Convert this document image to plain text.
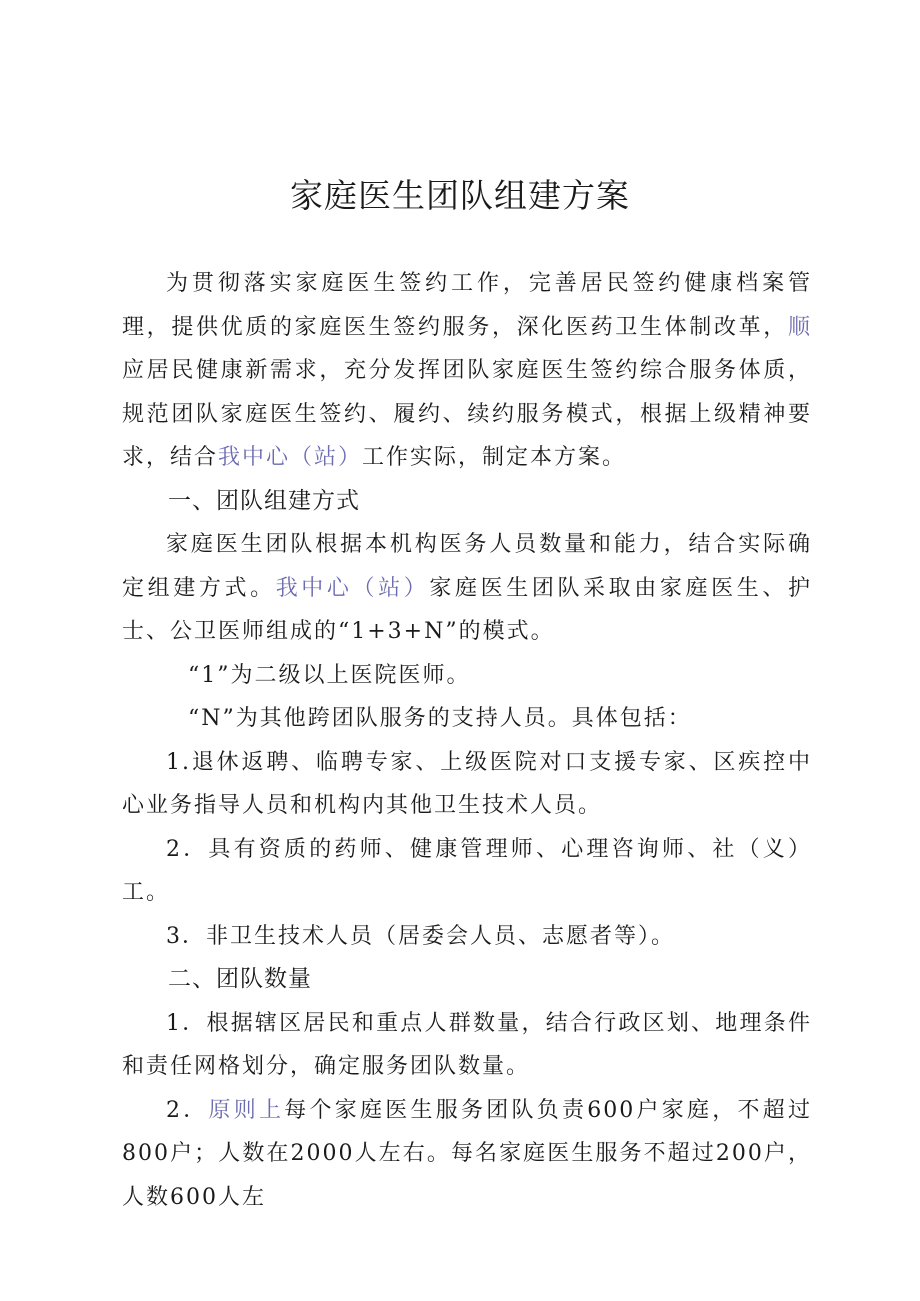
家庭医生团队组建方案

为贯彻落实家庭医生签约工作，完善居民签约健康档案管理，提供优质的家庭医生签约服务，深化医药卫生体制改革，顺应居民健康新需求，充分发挥团队家庭医生签约综合服务体质，规范团队家庭医生签约、履约、续约服务模式，根据上级精神要求，结合我中心（站）工作实际，制定本方案。

一、团队组建方式

家庭医生团队根据本机构医务人员数量和能力，结合实际确定组建方式。我中心（站）家庭医生团队采取由家庭医生、护士、公卫医师组成的“1+3+N”的模式。

“1”为二级以上医院医师。

“N”为其他跨团队服务的支持人员。具体包括：

1.退休返聘、临聘专家、上级医院对口支援专家、区疾控中心业务指导人员和机构内其他卫生技术人员。

2．具有资质的药师、健康管理师、心理咨询师、社（义）工。

3．非卫生技术人员（居委会人员、志愿者等）。

二、团队数量

1．根据辖区居民和重点人群数量，结合行政区划、地理条件和责任网格划分，确定服务团队数量。

2．原则上每个家庭医生服务团队负责600户家庭，不超过800户；人数在2000人左右。每名家庭医生服务不超过200户，人数600人左
